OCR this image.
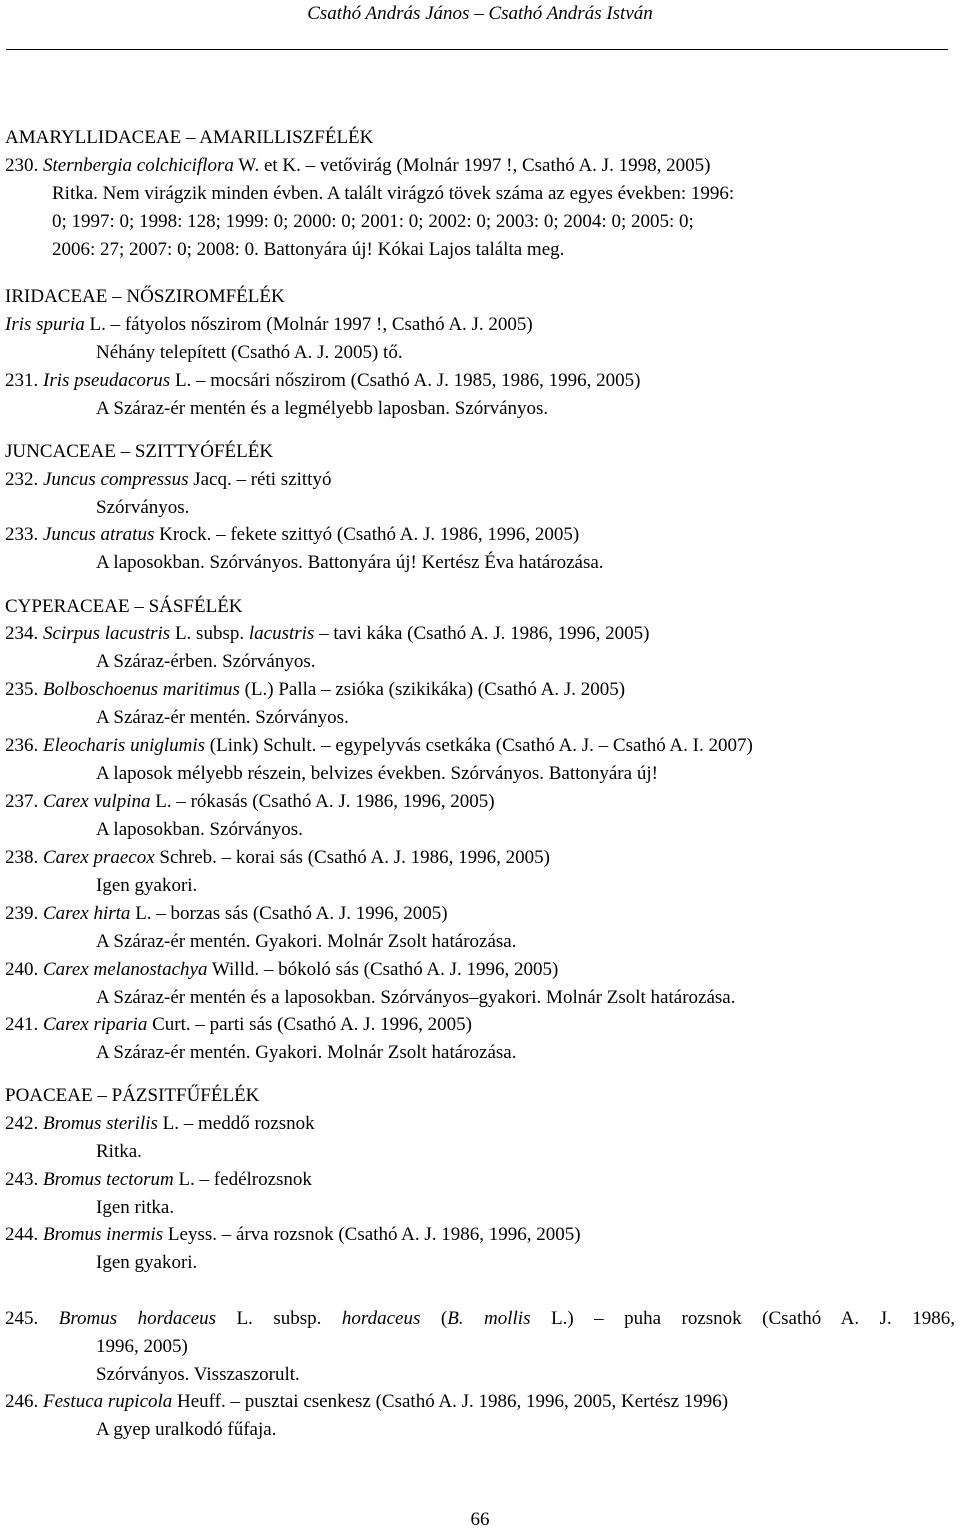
Csathó András János – Csathó András István
AMARYLLIDACEAE – AMARILLISZFÉLÉK
230. Sternbergia colchiciflora W. et K. – vetővirág (Molnár 1997 !, Csathó A. J. 1998, 2005)
Ritka. Nem virágzik minden évben. A talált virágzó tövek száma az egyes években: 1996:
0; 1997: 0; 1998: 128; 1999: 0; 2000: 0; 2001: 0; 2002: 0; 2003: 0; 2004: 0; 2005: 0;
2006: 27; 2007: 0; 2008: 0. Battonyára új! Kókai Lajos találta meg.
IRIDACEAE – NŐSZIROMFÉLÉK
Iris spuria L. – fátyolos nőszirom (Molnár 1997 !, Csathó A. J. 2005)
Néhány telepített (Csathó A. J. 2005) tő.
231. Iris pseudacorus L. – mocsári nőszirom (Csathó A. J. 1985, 1986, 1996, 2005)
A Száraz-ér mentén és a legmélyebb laposban. Szórványos.
JUNCACEAE – SZITTYÓFÉLÉK
232. Juncus compressus Jacq. – réti szittyó
Szórványos.
233. Juncus atratus Krock. – fekete szittyó (Csathó A. J. 1986, 1996, 2005)
A laposokban. Szórványos. Battonyára új! Kertész Éva határozása.
CYPERACEAE – SÁSFÉLÉK
234. Scirpus lacustris L. subsp. lacustris – tavi káka (Csathó A. J. 1986, 1996, 2005)
A Száraz-érben. Szórványos.
235. Bolboschoenus maritimus (L.) Palla – zsióka (szikikáka) (Csathó A. J. 2005)
A Száraz-ér mentén. Szórványos.
236. Eleocharis uniglumis (Link) Schult. – egypelyvás csetkáka (Csathó A. J. – Csathó A. I. 2007)
A laposok mélyebb részein, belvizes években. Szórványos. Battonyára új!
237. Carex vulpina L. – rókasás (Csathó A. J. 1986, 1996, 2005)
A laposokban. Szórványos.
238. Carex praecox Schreb. – korai sás (Csathó A. J. 1986, 1996, 2005)
Igen gyakori.
239. Carex hirta L. – borzas sás (Csathó A. J. 1996, 2005)
A Száraz-ér mentén. Gyakori. Molnár Zsolt határozása.
240. Carex melanostachya Willd. – bókoló sás (Csathó A. J. 1996, 2005)
A Száraz-ér mentén és a laposokban. Szórványos–gyakori. Molnár Zsolt határozása.
241. Carex riparia Curt. – parti sás (Csathó A. J. 1996, 2005)
A Száraz-ér mentén. Gyakori. Molnár Zsolt határozása.
POACEAE – PÁZSITFŰFÉLÉK
242. Bromus sterilis L. – meddő rozsnok
Ritka.
243. Bromus tectorum L. – fedélrozsnok
Igen ritka.
244. Bromus inermis Leyss. – árva rozsnok (Csathó A. J. 1986, 1996, 2005)
Igen gyakori.
245. Bromus hordaceus L. subsp. hordaceus (B. mollis L.) – puha rozsnok (Csathó A. J. 1986,
1996, 2005)
Szórványos. Visszaszorult.
246. Festuca rupicola Heuff. – pusztai csenkesz (Csathó A. J. 1986, 1996, 2005, Kertész 1996)
A gyep uralkodó fűfaja.
66
